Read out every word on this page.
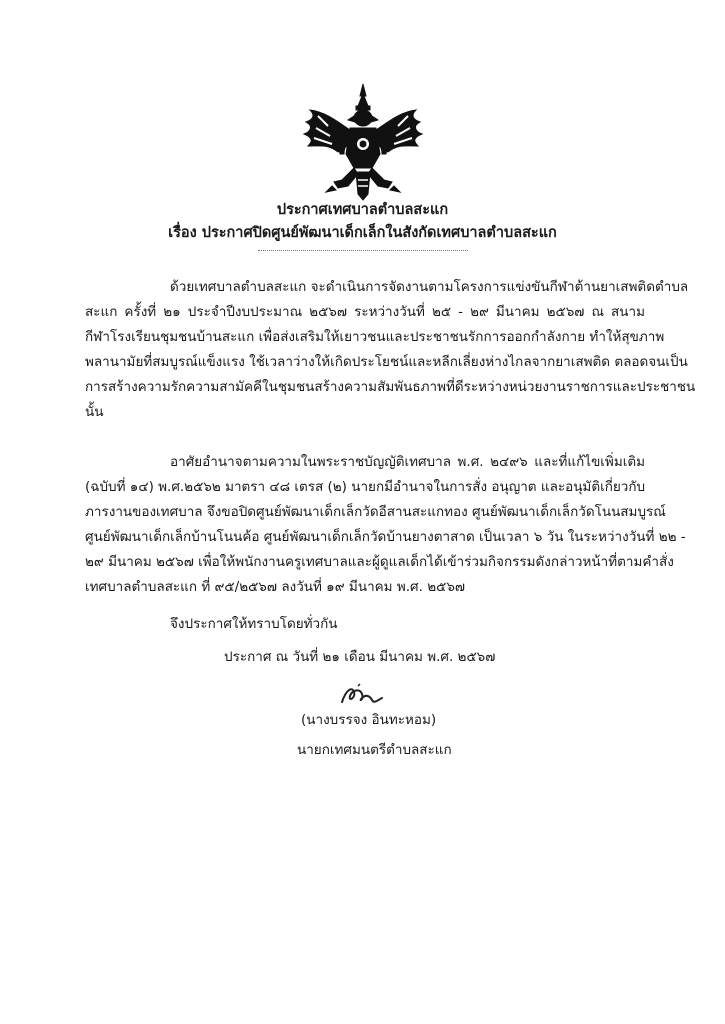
ประกาศเทศบาลตำบลสะแก
เรื่อง ประกาศปิดศูนย์พัฒนาเด็กเล็กในสังกัดเทศบาลตำบลสะแก
ด้วยเทศบาลตำบลสะแก จะดำเนินการจัดงานตามโครงการแข่งขันกีฬาต้านยาเสพติดตำบล
สะแก ครั้งที่ ๒๑ ประจำปีงบประมาณ ๒๕๖๗ ระหว่างวันที่ ๒๕ - ๒๙ มีนาคม ๒๕๖๗ ณ สนาม
กีฬาโรงเรียนชุมชนบ้านสะแก เพื่อส่งเสริมให้เยาวชนและประชาชนรักการออกกำลังกาย ทำให้สุขภาพ
พลานามัยที่สมบูรณ์แข็งแรง ใช้เวลาว่างให้เกิดประโยชน์และหลีกเลี่ยงห่างไกลจากยาเสพติด ตลอดจนเป็น
การสร้างความรักความสามัคคีในชุมชนสร้างความสัมพันธภาพที่ดีระหว่างหน่วยงานราชการและประชาชน
นั้น
อาศัยอำนาจตามความในพระราชบัญญัติเทศบาล พ.ศ. ๒๔๙๖ และที่แก้ไขเพิ่มเติม
(ฉบับที่ ๑๔) พ.ศ.๒๕๖๒ มาตรา ๔๘ เตรส (๒) นายกมีอำนาจในการสั่ง อนุญาต และอนุมัติเกี่ยวกับ
ภารงานของเทศบาล จึงขอปิดศูนย์พัฒนาเด็กเล็กวัดอีสานสะแกทอง ศูนย์พัฒนาเด็กเล็กวัดโนนสมบูรณ์
ศูนย์พัฒนาเด็กเล็กบ้านโนนค้อ ศูนย์พัฒนาเด็กเล็กวัดบ้านยางตาสาด เป็นเวลา ๖ วัน ในระหว่างวันที่ ๒๒ -
๒๙ มีนาคม ๒๕๖๗ เพื่อให้พนักงานครูเทศบาลและผู้ดูแลเด็กได้เข้าร่วมกิจกรรมดังกล่าวหน้าที่ตามคำสั่ง
เทศบาลตำบลสะแก ที่ ๙๕/๒๕๖๗ ลงวันที่ ๑๙ มีนาคม พ.ศ. ๒๕๖๗
จึงประกาศให้ทราบโดยทั่วกัน
ประกาศ ณ วันที่ ๒๑ เดือน มีนาคม พ.ศ. ๒๕๖๗
(นางบรรจง อินทะหอม)
นายกเทศมนตรีตำบลสะแก
